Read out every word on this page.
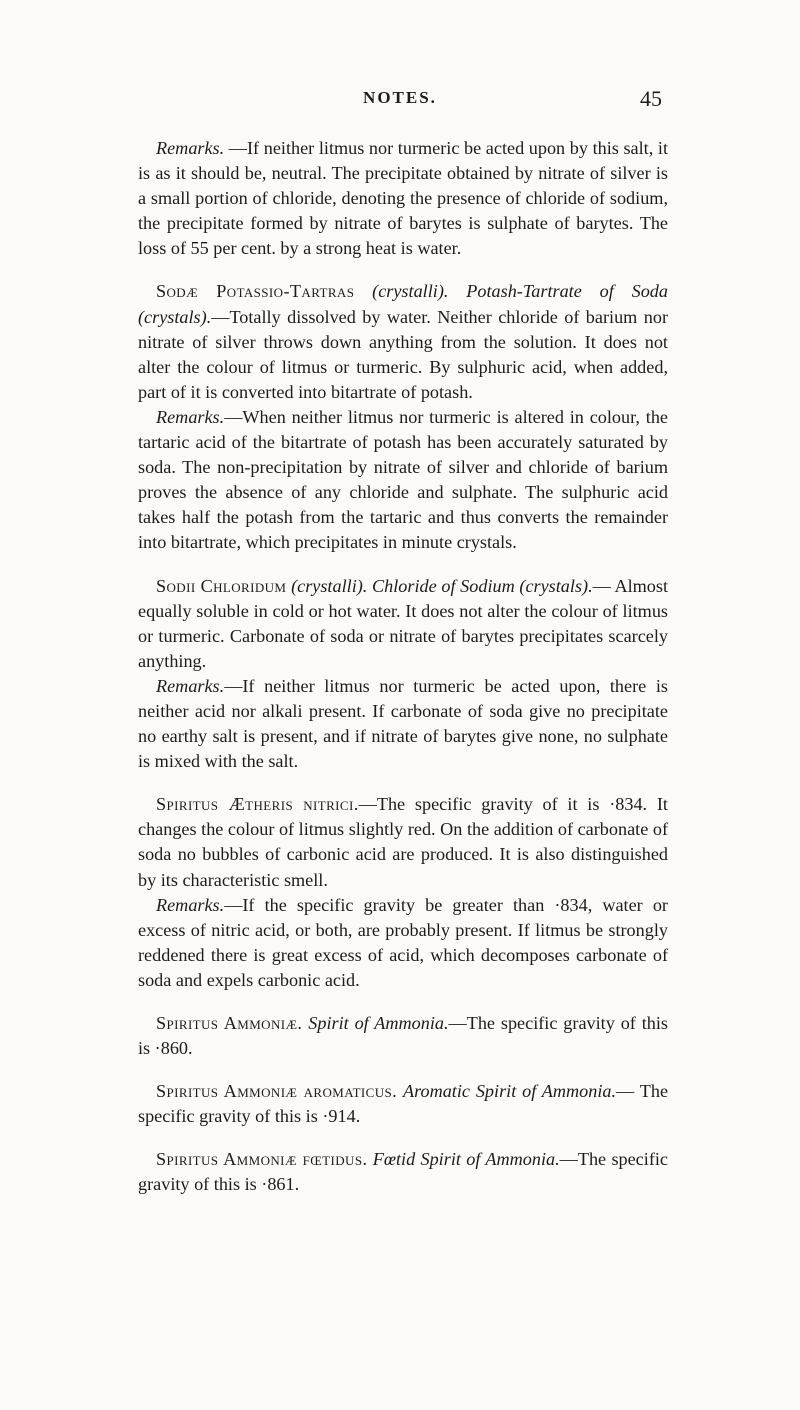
NOTES.	45

Remarks. —If neither litmus nor turmeric be acted upon by this salt, it is as it should be, neutral. The precipitate obtained by nitrate of silver is a small portion of chloride, denoting the presence of chloride of sodium, the precipitate formed by nitrate of barytes is sulphate of barytes. The loss of 55 per cent. by a strong heat is water.

Sodæ Potassio-Tartras (crystalli). Potash-Tartrate of Soda (crystals).—Totally dissolved by water. Neither chloride of barium nor nitrate of silver throws down anything from the solution. It does not alter the colour of litmus or turmeric. By sulphuric acid, when added, part of it is converted into bitartrate of potash.

Remarks.—When neither litmus nor turmeric is altered in colour, the tartaric acid of the bitartrate of potash has been accurately saturated by soda. The non-precipitation by nitrate of silver and chloride of barium proves the absence of any chloride and sulphate. The sulphuric acid takes half the potash from the tartaric and thus converts the remainder into bitartrate, which precipitates in minute crystals.

Sodii Chloridum (crystalli). Chloride of Sodium (crystals).— Almost equally soluble in cold or hot water. It does not alter the colour of litmus or turmeric. Carbonate of soda or nitrate of barytes precipitates scarcely anything.

Remarks.—If neither litmus nor turmeric be acted upon, there is neither acid nor alkali present. If carbonate of soda give no precipitate no earthy salt is present, and if nitrate of barytes give none, no sulphate is mixed with the salt.

Spiritus Ætheris nitrici.—The specific gravity of it is ·834. It changes the colour of litmus slightly red. On the addition of carbonate of soda no bubbles of carbonic acid are produced. It is also distinguished by its characteristic smell.

Remarks.—If the specific gravity be greater than ·834, water or excess of nitric acid, or both, are probably present. If litmus be strongly reddened there is great excess of acid, which decomposes carbonate of soda and expels carbonic acid.

Spiritus Ammoniæ. Spirit of Ammonia.—The specific gravity of this is ·860.

Spiritus Ammoniæ aromaticus. Aromatic Spirit of Ammonia.— The specific gravity of this is ·914.

Spiritus Ammoniæ fœtidus. Fœtid Spirit of Ammonia.—The specific gravity of this is ·861.
